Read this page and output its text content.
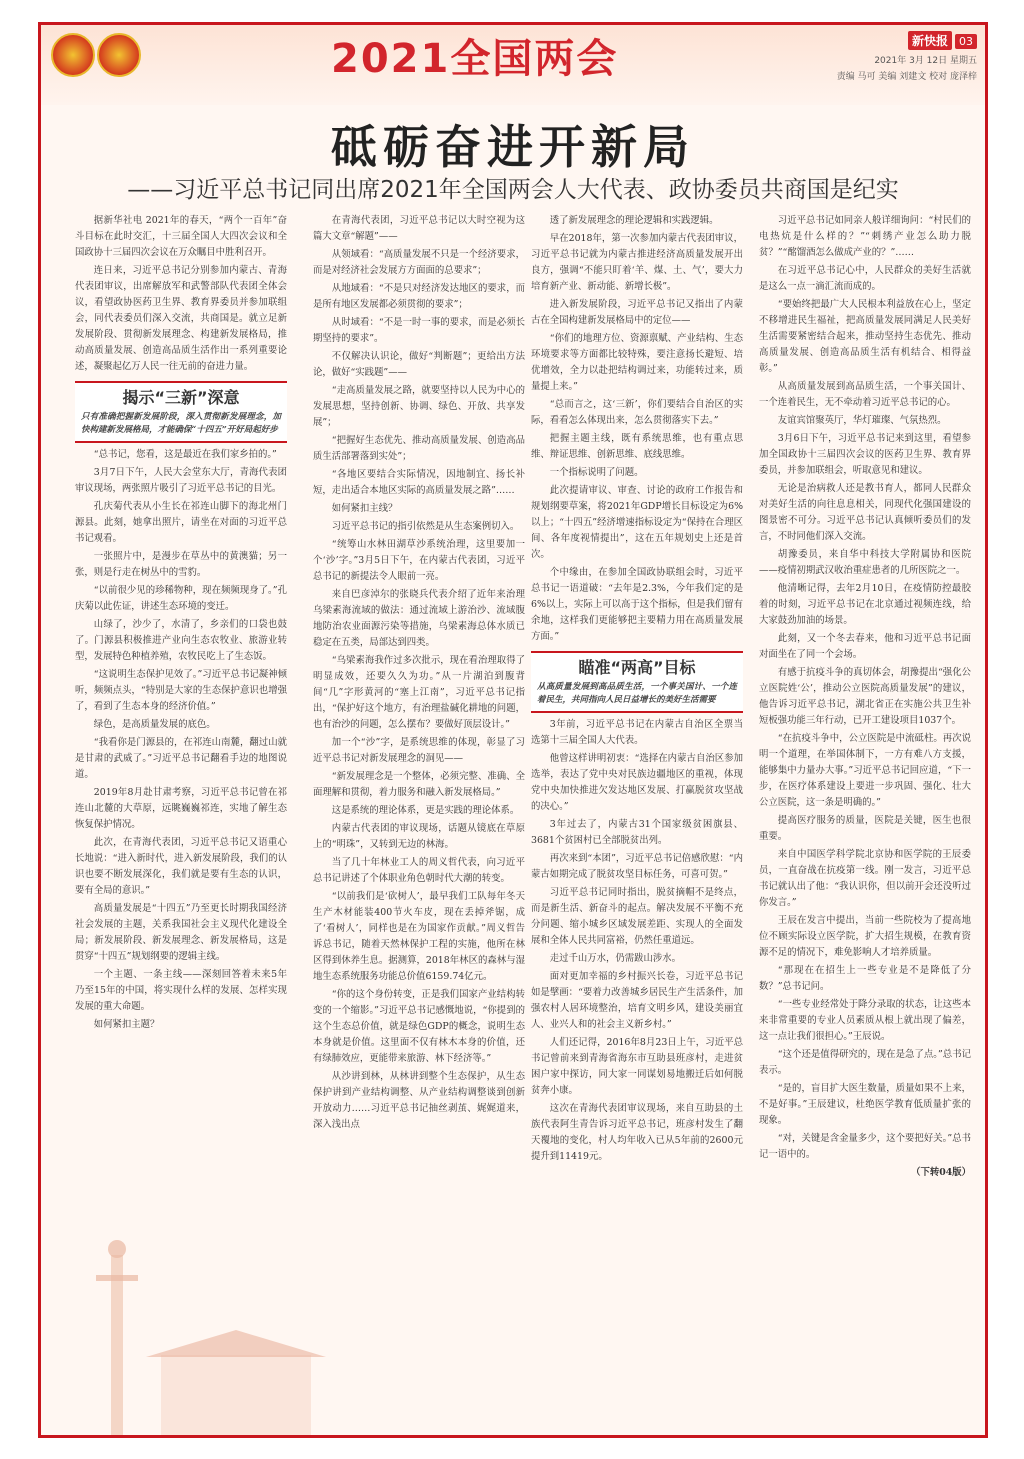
2021全国两会	新快报 03
2021年 3月 12日 星期五
责编 马可 美编 刘建文 校对 庞泽梓
砥砺奋进开新局
——习近平总书记同出席2021年全国两会人大代表、政协委员共商国是纪实

据新华社电 2021年的春天，“两个一百年”奋斗目标在此时交汇，十三届全国人大四次会议和全国政协十三届四次会议在万众瞩目中胜利召开。

连日来，习近平总书记分别参加内蒙古、青海代表团审议，出席解放军和武警部队代表团全体会议，看望政协医药卫生界、教育界委员并参加联组会，同代表委员们深入交流，共商国是。就立足新发展阶段、贯彻新发展理念、构建新发展格局，推动高质量发展、创造高品质生活作出一系列重要论述，凝聚起亿万人民一往无前的奋进力量。

揭示“三新”深意

只有准确把握新发展阶段，深入贯彻新发展理念，加快构建新发展格局，才能确保“十四五”开好局起好步

“总书记，您看，这是最近在我们家乡拍的。”

3月7日下午，人民大会堂东大厅，青海代表团审议现场，两张照片吸引了习近平总书记的目光。

孔庆菊代表从小生长在祁连山脚下的海北州门源县。此刻，她拿出照片，请坐在对面的习近平总书记观看。

一张照片中，是漫步在草丛中的黄澳猫；另一张，则是行走在树丛中的雪豹。

“以前很少见的珍稀物种，现在频频现身了。”孔庆菊以此佐证，讲述生态环境的变迁。

山绿了，沙少了，水清了，乡亲们的口袋也鼓了。门源县积极推进产业向生态农牧业、旅游业转型，发展特色种植养殖，农牧民吃上了生态饭。

“这说明生态保护见效了。”习近平总书记凝神倾听，频频点头，“特别是大家的生态保护意识也增强了，看到了生态本身的经济价值。”

绿色，是高质量发展的底色。

“我看你是门源县的，在祁连山南麓，翻过山就是甘肃的武威了。”习近平总书记翻看手边的地图说道。

2019年8月赴甘肃考察，习近平总书记曾在祁连山北麓的大草原，远眺巍巍祁连，实地了解生态恢复保护情况。

此次，在青海代表团，习近平总书记又语重心长地说：“进入新时代，进入新发展阶段，我们的认识也要不断发展深化，我们就是要有生态的认识，要有全局的意识。”

高质量发展是“十四五”乃至更长时期我国经济社会发展的主题，关系我国社会主义现代化建设全局；新发展阶段、新发展理念、新发展格局，这是贯穿“十四五”规划纲要的逻辑主线。

一个主题、一条主线——深刻回答着未来5年乃至15年的中国，将实现什么样的发展、怎样实现发展的重大命题。

如何紧扣主题？

在青海代表团，习近平总书记以大时空视为这篇大文章“解题”——

从领域看：“高质量发展不只是一个经济要求，而是对经济社会发展方方面面的总要求”；

从地域看：“不是只对经济发达地区的要求，而是所有地区发展都必须贯彻的要求”；

从时域看：“不是一时一事的要求，而是必须长期坚持的要求”。

不仅解决认识论，做好“判断题”；更给出方法论，做好“实践题”——

“走高质量发展之路，就要坚持以人民为中心的发展思想，坚持创新、协调、绿色、开放、共享发展”；

“把握好生态优先、推动高质量发展、创造高品质生活部署落到实处”；

“各地区要结合实际情况，因地制宜、扬长补短，走出适合本地区实际的高质量发展之路”……

如何紧扣主线？

习近平总书记的指引依然是从生态案例切入。

“统筹山水林田湖草沙系统治理，这里要加一个‘沙’字。”3月5日下午，在内蒙古代表团，习近平总书记的新提法令人眼前一亮。

来自巴彦淖尔的张晓兵代表介绍了近年来治理乌梁素海流域的做法：通过流域上游治沙、流域腹地防治农业面源污染等措施，乌梁素海总体水质已稳定在五类，局部达到四类。

“乌梁素海我作过多次批示，现在看治理取得了明显成效，还要久久为功。”从一片湖泊到腹背间“几”字形黄河的“塞上江南”，习近平总书记指出，“保护好这个地方，有治理盐碱化耕地的问题，也有治沙的问题，怎么摆布？要做好顶层设计。”

加一个“沙”字，是系统思维的体现，彰显了习近平总书记对新发展理念的洞见——

“新发展理念是一个整体，必须完整、准确、全面理解和贯彻，着力服务和融入新发展格局。”

这是系统的理论体系，更是实践的理论体系。

内蒙古代表团的审议现场，话题从镜底在草原上的“明珠”，又转到无边的林海。

当了几十年林业工人的周义哲代表，向习近平总书记讲述了个体职业角色朝时代大潮的转变。

“以前我们是‘砍树人’，最早我们工队每年冬天生产木材能装400节火车皮，现在丢掉斧锯，成了‘看树人’，同样也是在为国家作贡献。”周义哲告诉总书记，随着天然林保护工程的实施，他所在林区得到休养生息。据测算，2018年林区的森林与湿地生态系统服务功能总价值6159.74亿元。

“你的这个身份转变，正是我们国家产业结构转变的一个缩影。”习近平总书记感慨地说，“你提到的这个生态总价值，就是绿色GDP的概念，说明生态本身就是价值。这里面不仅有林木本身的价值，还有绿肺效应，更能带来旅游、林下经济等。”

从沙讲到林，从林讲到整个生态保护，从生态保护讲到产业结构调整、从产业结构调整谈到创新开放动力……习近平总书记抽丝剥茧、娓娓道来，深入浅出点

透了新发展理念的理论逻辑和实践逻辑。

早在2018年，第一次参加内蒙古代表团审议，习近平总书记就为内蒙古推进经济高质量发展开出良方，强调“不能只盯着‘羊、煤、土、气’，要大力培育新产业、新动能、新增长极”。

进入新发展阶段，习近平总书记又指出了内蒙古在全国构建新发展格局中的定位——

“你们的地理方位、资源禀赋、产业结构、生态环境要求等方面都比较特殊，要注意扬长避短、培优增效，全力以赴把结构调过来，功能转过来，质量提上来。”

“总而言之，这‘三新’，你们要结合自治区的实际，看看怎么体现出来，怎么贯彻落实下去。”

把握主题主线，既有系统思维，也有重点思维、辩证思维、创新思维、底线思维。

一个指标说明了问题。

此次提请审议、审查、讨论的政府工作报告和规划纲要草案，将2021年GDP增长目标设定为6%以上；“十四五”经济增速指标设定为“保持在合理区间、各年度视情提出”，这在五年规划史上还是首次。

个中缘由，在参加全国政协联组会时，习近平总书记一语道破：“去年是2.3%，今年我们定的是6%以上，实际上可以高于这个指标，但是我们留有余地，这样我们更能够把主要精力用在高质量发展方面。”

瞄准“两高”目标

从高质量发展到高品质生活，一个事关国计、一个连着民生，共同指向人民日益增长的美好生活需要

3年前，习近平总书记在内蒙古自治区全票当选第十三届全国人大代表。

他曾这样讲明初衷：“选择在内蒙古自治区参加选举，表达了党中央对民族边疆地区的重视，体现党中央加快推进欠发达地区发展、打赢脱贫攻坚战的决心。”

3年过去了，内蒙古31个国家级贫困旗县、3681个贫困村已全部脱贫出列。

再次来到“本团”，习近平总书记倍感欣慰：“内蒙古如期完成了脱贫攻坚目标任务，可喜可贺。”

习近平总书记同时指出，脱贫摘帽不是终点，而是新生活、新奋斗的起点。解决发展不平衡不充分问题、缩小城乡区域发展差距、实现人的全面发展和全体人民共同富裕，仍然任重道远。

走过千山万水，仍需跋山涉水。

面对更加幸福的乡村振兴长卷，习近平总书记如是擘画：“要着力改善城乡居民生产生活条件，加强农村人居环境整治，培育文明乡风，建设美丽宜人、业兴人和的社会主义新乡村。”

人们还记得，2016年8月23日上午，习近平总书记曾前来到青海省海东市互助县班彦村，走进贫困户家中探访，同大家一同谋划易地搬迁后如何脱贫奔小康。

这次在青海代表团审议现场，来自互助县的土族代表阿生青告诉习近平总书记，班彦村发生了翻天覆地的变化，村人均年收入已从5年前的2600元提升到11419元。

习近平总书记如同亲人般详细询问：“村民们的电热炕是什么样的？”“刺绣产业怎么助力脱贫？”“酩馏酒怎么做成产业的？”……

在习近平总书记心中，人民群众的美好生活就是这么一点一滴汇流而成的。

“要始终把最广大人民根本利益放在心上，坚定不移增进民生福祉，把高质量发展同满足人民美好生活需要紧密结合起来，推动坚持生态优先、推动高质量发展、创造高品质生活有机结合、相得益彰。”

从高质量发展到高品质生活，一个事关国计、一个连着民生，无不牵动着习近平总书记的心。

友谊宾馆聚英厅，华灯璀璨、气氛热烈。

3月6日下午，习近平总书记来到这里，看望参加全国政协十三届四次会议的医药卫生界、教育界委员，并参加联组会，听取意见和建议。

无论是治病救人还是教书育人，都同人民群众对美好生活的向往息息相关，同现代化强国建设的图景密不可分。习近平总书记认真倾听委员们的发言，不时同他们深入交流。

胡豫委员，来自华中科技大学附属协和医院——疫情初期武汉收治重症患者的几所医院之一。

他清晰记得，去年2月10日，在疫情防控最胶着的时刻，习近平总书记在北京通过视频连线，给大家鼓劲加油的场景。

此刻，又一个冬去春来，他和习近平总书记面对面坐在了同一个会场。

有感于抗疫斗争的真切体会，胡豫提出“强化公立医院姓‘公’，推动公立医院高质量发展”的建议，他告诉习近平总书记，湖北省正在实施公共卫生补短板强功能三年行动，已开工建设项目1037个。

“在抗疫斗争中，公立医院是中流砥柱。再次说明一个道理，在举国体制下，一方有难八方支援，能够集中力量办大事。”习近平总书记回应道，“下一步，在医疗体系建设上要进一步巩固、强化、壮大公立医院，这一条是明确的。”

提高医疗服务的质量，医院是关键，医生也很重要。

来自中国医学科学院北京协和医学院的王辰委员，一直奋战在抗疫第一线。刚一发言，习近平总书记就认出了他：“我认识你，但以前开会还没听过你发言。”

王辰在发言中提出，当前一些院校为了提高地位不顾实际设立医学院，扩大招生规模，在教育资源不足的情况下，难免影响人才培养质量。

“那现在在招生上一些专业是不是降低了分数？”总书记问。

“一些专业经常处于降分录取的状态，让这些本来非常重要的专业人员素质从根上就出现了偏差，这一点让我们很担心。”王辰说。

“这个还是值得研究的，现在是急了点。”总书记表示。

“是的，盲目扩大医生数量，质量如果不上来，不是好事。”王辰建议，杜绝医学教育低质量扩张的现象。

“对，关键是含金量多少，这个要把好关。”总书记一语中的。

（下转04版）
